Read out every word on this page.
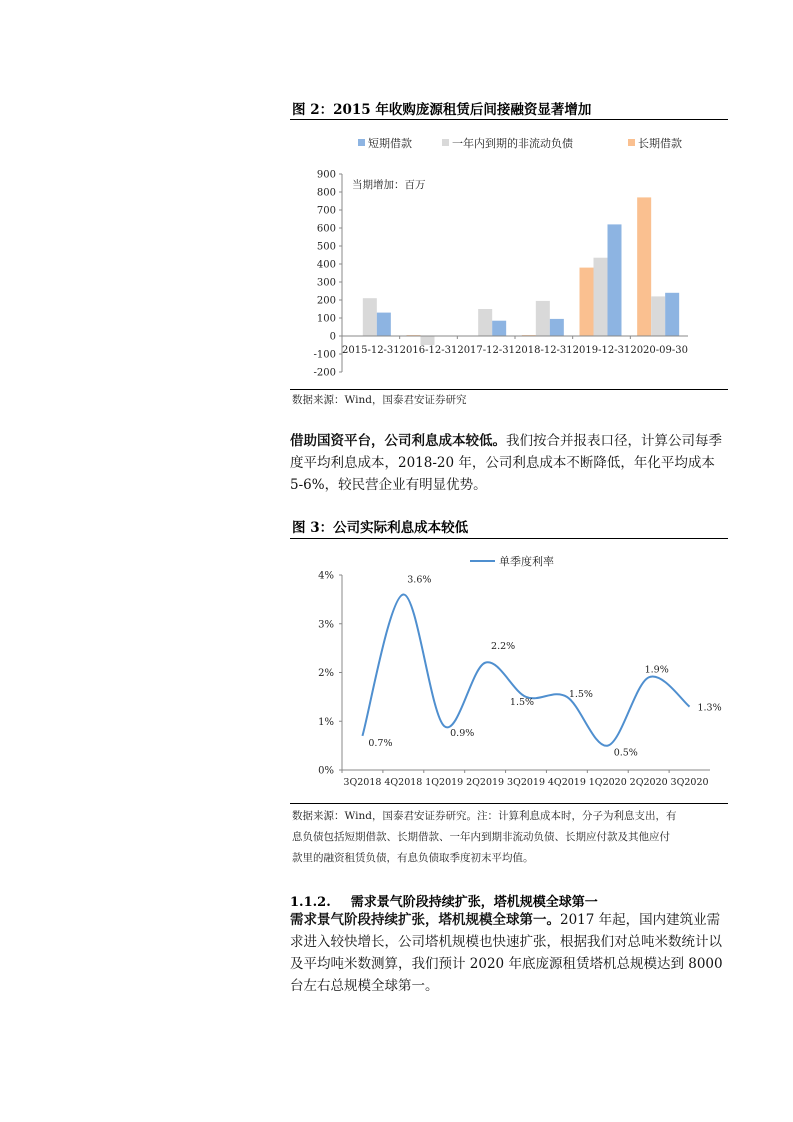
图 2：2015 年收购庞源租赁后间接融资显著增加
短期借款	一年内到期的非流动负债	长期借款
当期增加：百万
900
800
700
600
500
400
300
200
100
0
-100
-200
2015-12-31 2016-12-31 2017-12-31 2018-12-31 2019-12-31 2020-09-30
数据来源：Wind，国泰君安证券研究
借助国资平台，公司利息成本较低。我们按合并报表口径，计算公司每季度平均利息成本，2018-20 年，公司利息成本不断降低，年化平均成本 5-6%，较民营企业有明显优势。
图 3：公司实际利息成本较低
单季度利率
4%
3%
2%
1%
0%
0.7%
3.6%
0.9%
2.2%
1.5%
1.5%
0.5%
1.9%
1.3%
3Q2018 4Q2018 1Q2019 2Q2019 3Q2019 4Q2019 1Q2020 2Q2020 3Q2020
数据来源：Wind，国泰君安证券研究。注：计算利息成本时，分子为利息支出，有
息负债包括短期借款、长期借款、一年内到期非流动负债、长期应付款及其他应付
款里的融资租赁负债，有息负债取季度初末平均值。
1.1.2. 需求景气阶段持续扩张，塔机规模全球第一
需求景气阶段持续扩张，塔机规模全球第一。2017 年起，国内建筑业需求进入较快增长，公司塔机规模也快速扩张，根据我们对总吨米数统计以及平均吨米数测算，我们预计 2020 年底庞源租赁塔机总规模达到 8000 台左右总规模全球第一。
